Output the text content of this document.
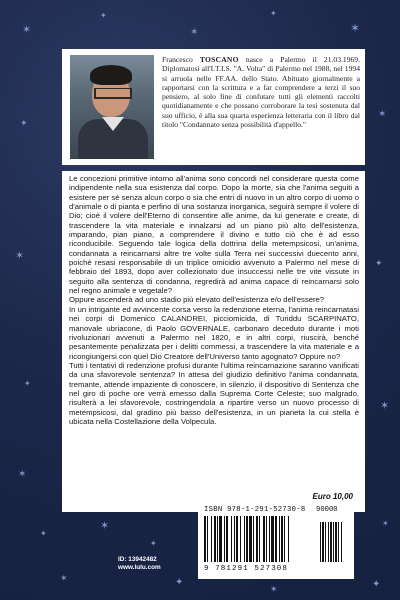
✶
✦
✶
✦
✶
✦
✶
✶
✦
✦
✶
✶
✦
✶
✦
✶	✦
✶	✦
✶
Francesco TOSCANO nasce a Palermo il 21.03.1969. Diplomatosi all'I.T.I.S. "A. Volta" di Palermo nel 1988, nel 1994 si arruola nelle FF.AA. dello Stato. Abituato giornalmente a rapportarsi con la scrittura e a far comprendere a terzi il suo pensiero, al solo fine di confutare tutti gli elementi raccolti quotidianamente e che possano corroborare la tesi sostenuta dal suo ufficio, è alla sua quarta esperienza letteraria con il libro dal titolo "Condannato senza possibilità d'appello."

Le concezioni primitive intorno all'anima sono concordi nel considerare questa come indipendente nella sua esistenza dal corpo. Dopo la morte, sia che l'anima seguiti a esistere per sé senza alcun corpo o sia che entri di nuovo in un altro corpo di uomo o d'animale o di pianta e perfino di una sostanza inorganica, seguirà sempre il volere di Dio; cioè il volere dell'Eterno di consentire alle anime, da lui generate e create, di trascendere la vita materiale e innalzarsi ad un piano più alto dell'esistenza, imparando, pian piano, a comprendere il divino e tutto ciò che è ad esso riconducibile. Seguendo tale logica della dottrina della metempsicosi, un'anima, condannata a reincarnarsi altre tre volte sulla Terra nei successivi duecento anni, poiché resasi responsabile di un triplice omicidio avvenuto a Palermo nel mese di febbraio del 1893, dopo aver collezionato due insuccessi nelle tre vite vissute in seguito alla sentenza di condanna, regredirà ad anima capace di reincarnarsi solo nel regno animale e vegetale?

Oppure ascenderà ad uno stadio più elevato dell'esistenza e/o dell'essere?

In un intrigante ed avvincente corsa verso la redenzione eterna, l'anima reincarnatasi nei corpi di Domenico CALANDREI, picciomicida, di Turiddu SCARPINATO, manovale ubriacone, di Paolo GOVERNALE, carbonaro deceduto durante i moti rivoluzionari avvenuti a Palermo nel 1820, e in altri corpi, riuscirà, benché pesantemente penalizzata per i delitti commessi, a trascendere la vita materiale e a ricongiungersi con quel Dio Creatore dell'Universo tanto agognato? Oppure no?

Tutti i tentativi di redenzione profusi durante l'ultima reincarnazione saranno vanificati da una sfavorevole sentenza? In attesa del giudizio definitivo l'anima condannata, tremante, attende impaziente di conoscere, in silenzio, il dispositivo di Sentenza che nel giro di poche ore verrà emesso dalla Suprema Corte Celeste; suo malgrado, risulterà a lei sfavorevole, costringendola a ripartire verso un nuovo processo di metempsicosi, dal gradino più basso dell'esistenza, in un pianeta la cui stella è ubicata nella Costellazione della Volpecula.

Euro 10,00
ISBN 978-1-291-52730-8 90000
9 781291 527308
ID: 13942482
www.lulu.com
